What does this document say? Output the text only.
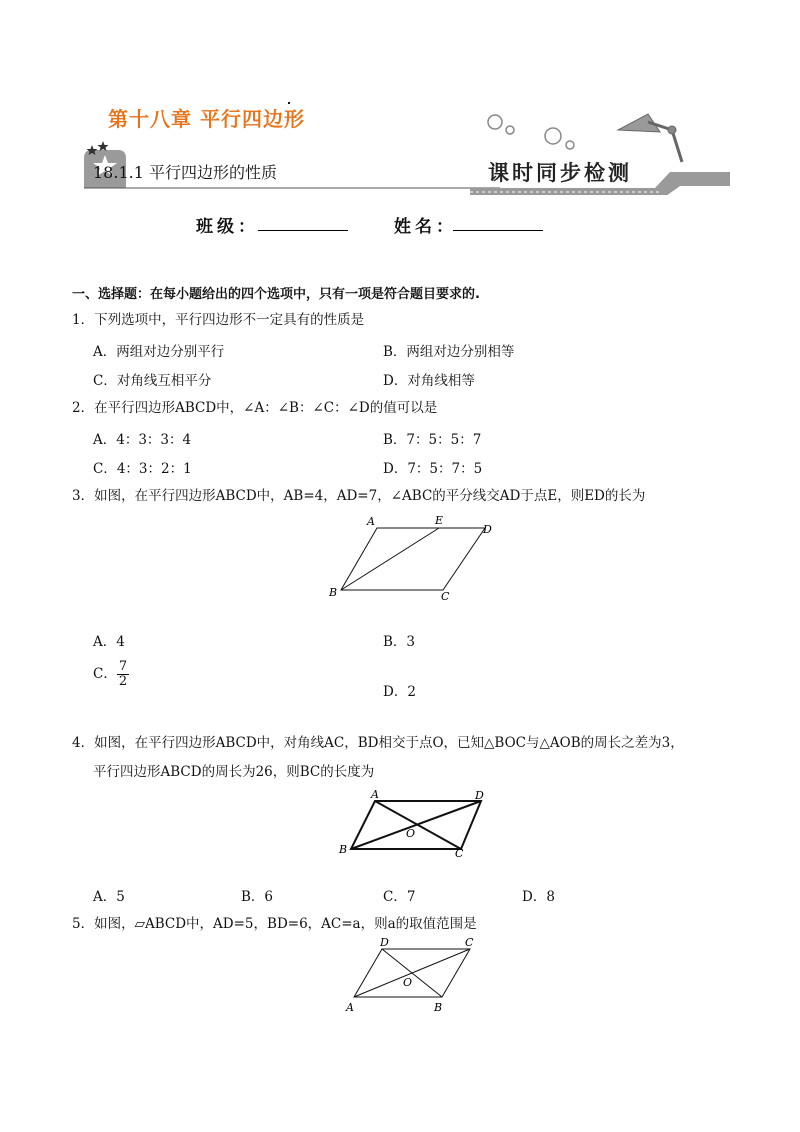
第十八章 平行四边形
18.1.1 平行四边形的性质	课时同步检测
班级：	姓名：
一、选择题：在每小题给出的四个选项中，只有一项是符合题目要求的.
1．下列选项中，平行四边形不一定具有的性质是
A．两组对边分别平行	B．两组对边分别相等
C．对角线互相平分	D．对角线相等
2．在平行四边形ABCD中，∠A：∠B：∠C：∠D的值可以是
A．4：3：3：4	B．7：5：5：7
C．4：3：2：1	D．7：5：7：5
3．如图，在平行四边形ABCD中，AB=4，AD=7，∠ABC的平分线交AD于点E，则ED的长为
A	E
D
B	C
A．4	B．3
C． $\frac{7}{2}$
D．2
4．如图，在平行四边形ABCD中，对角线AC，BD相交于点O，已知△BOC与△AOB的周长之差为3，
平行四边形ABCD的周长为26，则BC的长度为
A	D
O
B	C
A．5	B．6	C．7	D．8
5．如图，▱ABCD中，AD=5，BD=6，AC=a，则a的取值范围是
D	C
O
A	B
